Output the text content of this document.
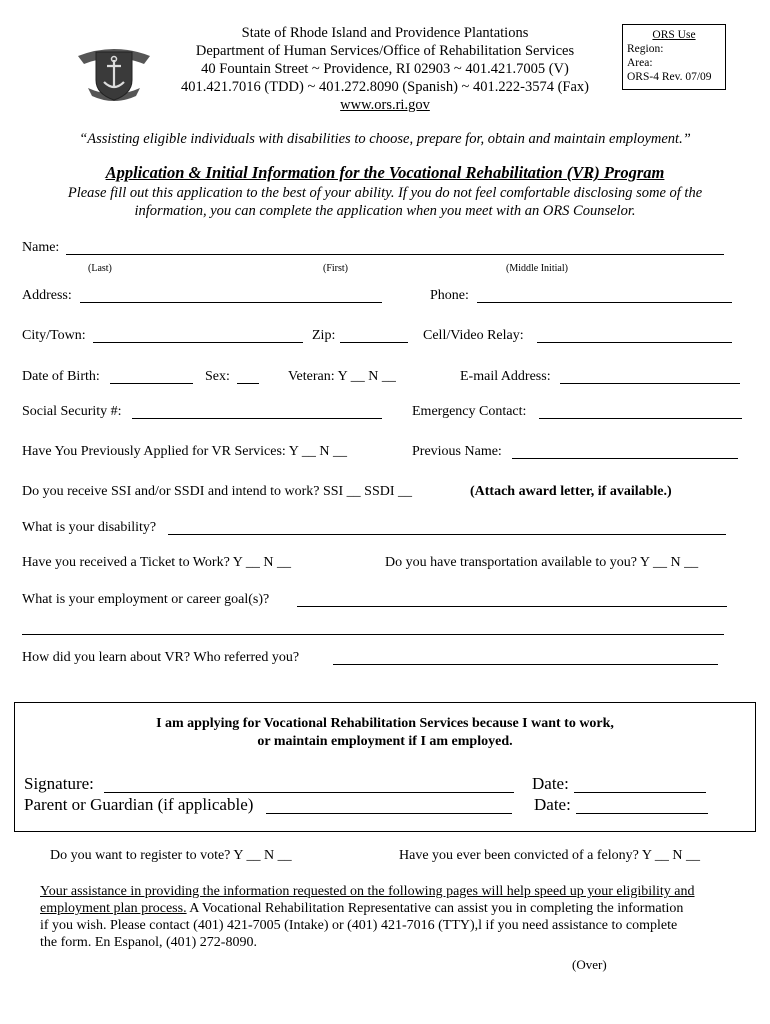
State of Rhode Island and Providence Plantations
Department of Human Services/Office of Rehabilitation Services
40 Fountain Street ~ Providence, RI 02903 ~ 401.421.7005 (V)
401.421.7016 (TDD) ~ 401.272.8090 (Spanish) ~ 401.222-3574 (Fax)
www.ors.ri.gov
ORS Use
Region:
Area:
ORS-4 Rev. 07/09
“Assisting eligible individuals with disabilities to choose, prepare for, obtain and maintain employment.”
Application & Initial Information for the Vocational Rehabilitation (VR) Program
Please fill out this application to the best of your ability. If you do not feel comfortable disclosing some of the
information, you can complete the application when you meet with an ORS Counselor.
Name:
(Last)	(First)	(Middle Initial)
Address:	Phone:
City/Town:	Zip:	Cell/Video Relay:
Date of Birth:	Sex:	Veteran: Y __ N __	E-mail Address:
Social Security #:	Emergency Contact:
Have You Previously Applied for VR Services: Y __ N __	Previous Name:
Do you receive SSI and/or SSDI and intend to work? SSI __ SSDI __	(Attach award letter, if available.)
What is your disability?
Have you received a Ticket to Work? Y __ N __	Do you have transportation available to you? Y __ N __
What is your employment or career goal(s)?
How did you learn about VR? Who referred you?
I am applying for Vocational Rehabilitation Services because I want to work,
or maintain employment if I am employed.
Signature:	Date:
Parent or Guardian (if applicable)	Date:
Do you want to register to vote? Y __ N __	Have you ever been convicted of a felony? Y __ N __
Your assistance in providing the information requested on the following pages will help speed up your eligibility and
employment plan process. A Vocational Rehabilitation Representative can assist you in completing the information
if you wish. Please contact (401) 421-7005 (Intake) or (401) 421-7016 (TTY),l if you need assistance to complete
the form. En Espanol, (401) 272-8090.
(Over)
